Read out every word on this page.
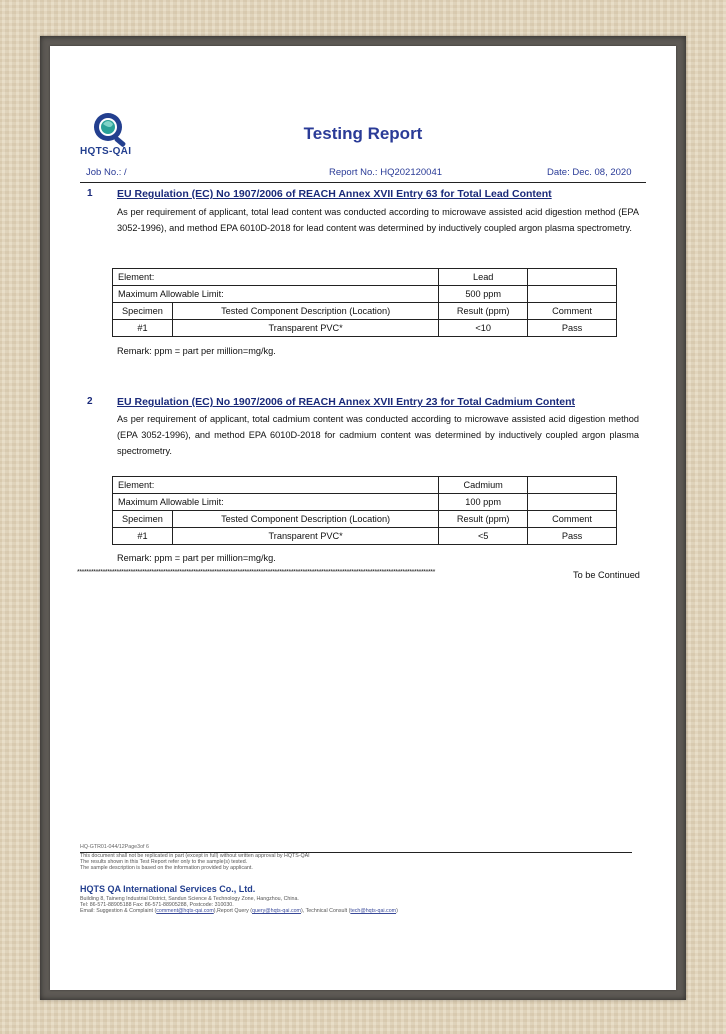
HQTS-QAI
Testing Report
Job No.: /	Report No.: HQ202120041	Date: Dec. 08, 2020
1 EU Regulation (EC) No 1907/2006 of REACH Annex XVII Entry 63 for Total Lead Content
As per requirement of applicant, total lead content was conducted according to microwave assisted acid digestion method (EPA 3052-1996), and method EPA 6010D-2018 for lead content was determined by inductively coupled argon plasma spectrometry.
Element:		Lead	
Maximum Allowable Limit:		500 ppm	
Specimen	Tested Component Description (Location)	Result (ppm)	Comment
#1	Transparent PVC*	<10	Pass
Remark: ppm = part per million=mg/kg.
2 EU Regulation (EC) No 1907/2006 of REACH Annex XVII Entry 23 for Total Cadmium Content
As per requirement of applicant, total cadmium content was conducted according to microwave assisted acid digestion method (EPA 3052-1996), and method EPA 6010D-2018 for cadmium content was determined by inductively coupled argon plasma spectrometry.
Element:		Cadmium	
Maximum Allowable Limit:		100 ppm	
Specimen	Tested Component Description (Location)	Result (ppm)	Comment
#1	Transparent PVC*	<5	Pass
Remark: ppm = part per million=mg/kg.
**********************************************************************************************************************************************************	To be Continued
HQ-GTR01-044/12Page3of 6
This document shall not be replicated in part (except in full) without written approval by HQTS-QAI
The results shown in this Test Report refer only to the sample(s) tested.
The sample description is based on the information provided by applicant.
HQTS QA International Services Co., Ltd.
Building 8, Taineng Industrial District, Sandun Science & Technology Zone, Hangzhou, China.
Tel: 86-571-88905188 Fax: 86-571-88905288, Postcode: 310030.
Email: Suggestion & Complaint (comment@hqts-qai.com),Report Query (query@hqts-qai.com), Technical Consult (tech@hqts-qai.com)
